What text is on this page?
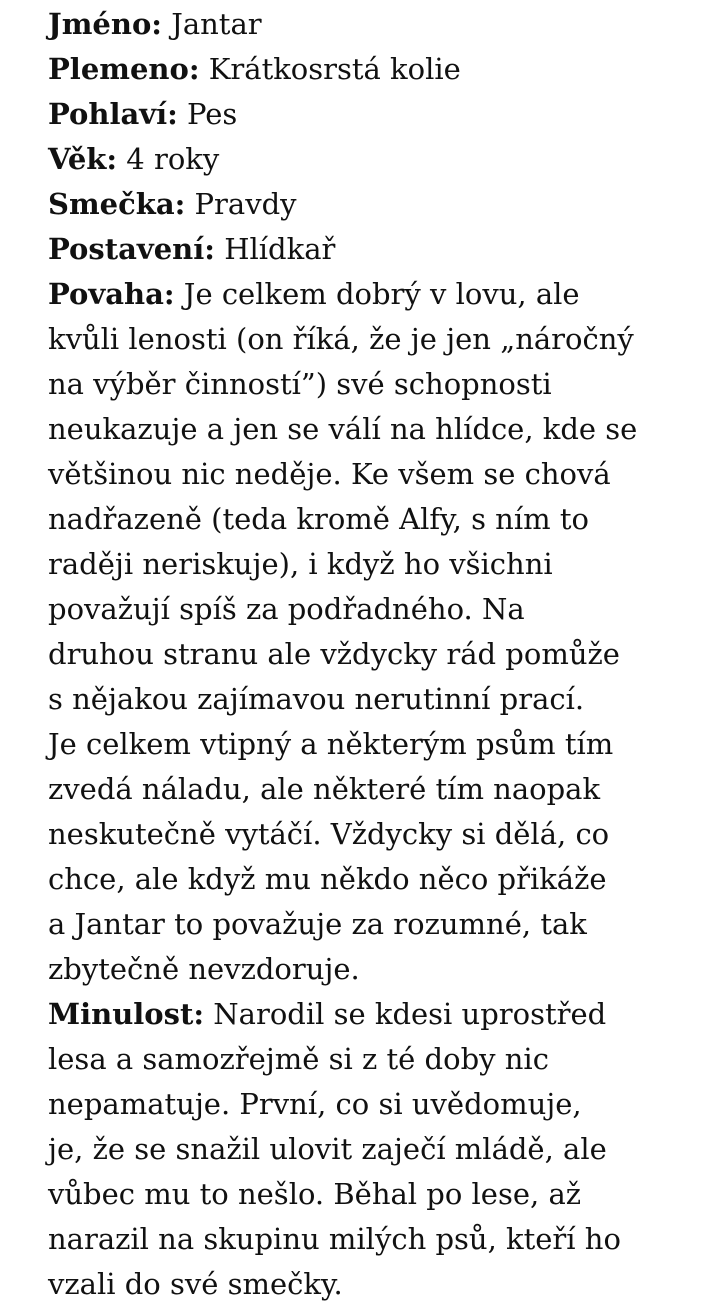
Jméno: Jantar
Plemeno: Krátkosrstá kolie
Pohlaví: Pes
Věk: 4 roky
Smečka: Pravdy
Postavení: Hlídkař
Povaha: Je celkem dobrý v lovu, ale
kvůli lenosti (on říká, že je jen „náročný
na výběr činností”) své schopnosti
neukazuje a jen se válí na hlídce, kde se
většinou nic neděje. Ke všem se chová
nadřazeně (teda kromě Alfy, s ním to
raději neriskuje), i když ho všichni
považují spíš za podřadného. Na
druhou stranu ale vždycky rád pomůže
s nějakou zajímavou nerutinní prací.
Je celkem vtipný a některým psům tím
zvedá náladu, ale některé tím naopak
neskutečně vytáčí. Vždycky si dělá, co
chce, ale když mu někdo něco přikáže
a Jantar to považuje za rozumné, tak
zbytečně nevzdoruje.
Minulost: Narodil se kdesi uprostřed
lesa a samozřejmě si z té doby nic
nepamatuje. První, co si uvědomuje,
je, že se snažil ulovit zaječí mládě, ale
vůbec mu to nešlo. Běhal po lese, až
narazil na skupinu milých psů, kteří ho
vzali do své smečky.
